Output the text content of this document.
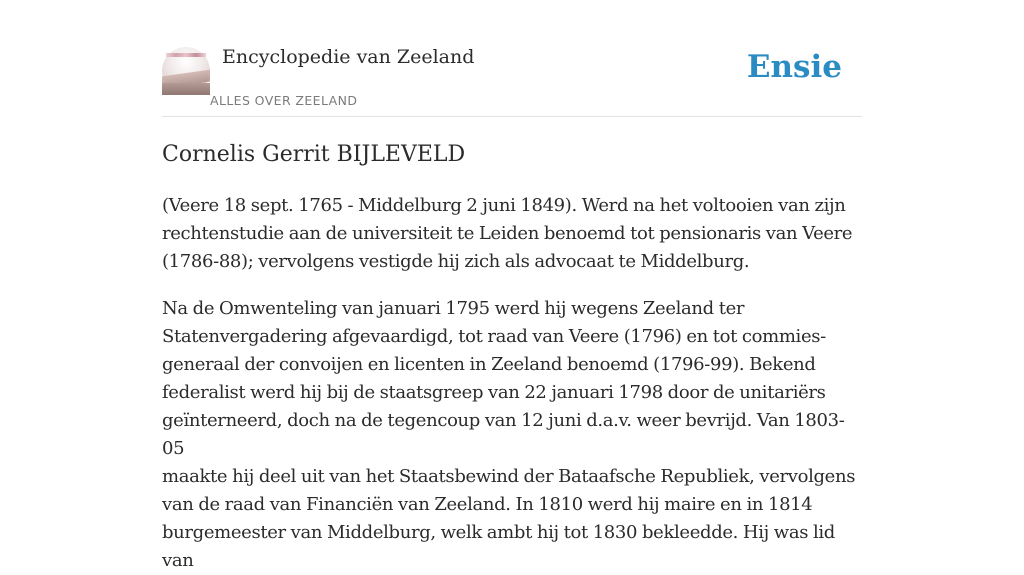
Encyclopedie van Zeeland
ALLES OVER ZEELAND
Ensie
Cornelis Gerrit BIJLEVELD

(Veere 18 sept. 1765 - Middelburg 2 juni 1849). Werd na het voltooien van zijn
rechtenstudie aan de universiteit te Leiden benoemd tot pensionaris van Veere
(1786-88); vervolgens vestigde hij zich als advocaat te Middelburg.

Na de Omwenteling van januari 1795 werd hij wegens Zeeland ter
Statenvergadering afgevaardigd, tot raad van Veere (1796) en tot commies-
generaal der convoijen en licenten in Zeeland benoemd (1796-99). Bekend
federalist werd hij bij de staatsgreep van 22 januari 1798 door de unitariërs
geïnterneerd, doch na de tegencoup van 12 juni d.a.v. weer bevrijd. Van 1803-05
maakte hij deel uit van het Staatsbewind der Bataafsche Republiek, vervolgens
van de raad van Financiën van Zeeland. In 1810 werd hij maire en in 1814
burgemeester van Middelburg, welk ambt hij tot 1830 bekleedde. Hij was lid van
